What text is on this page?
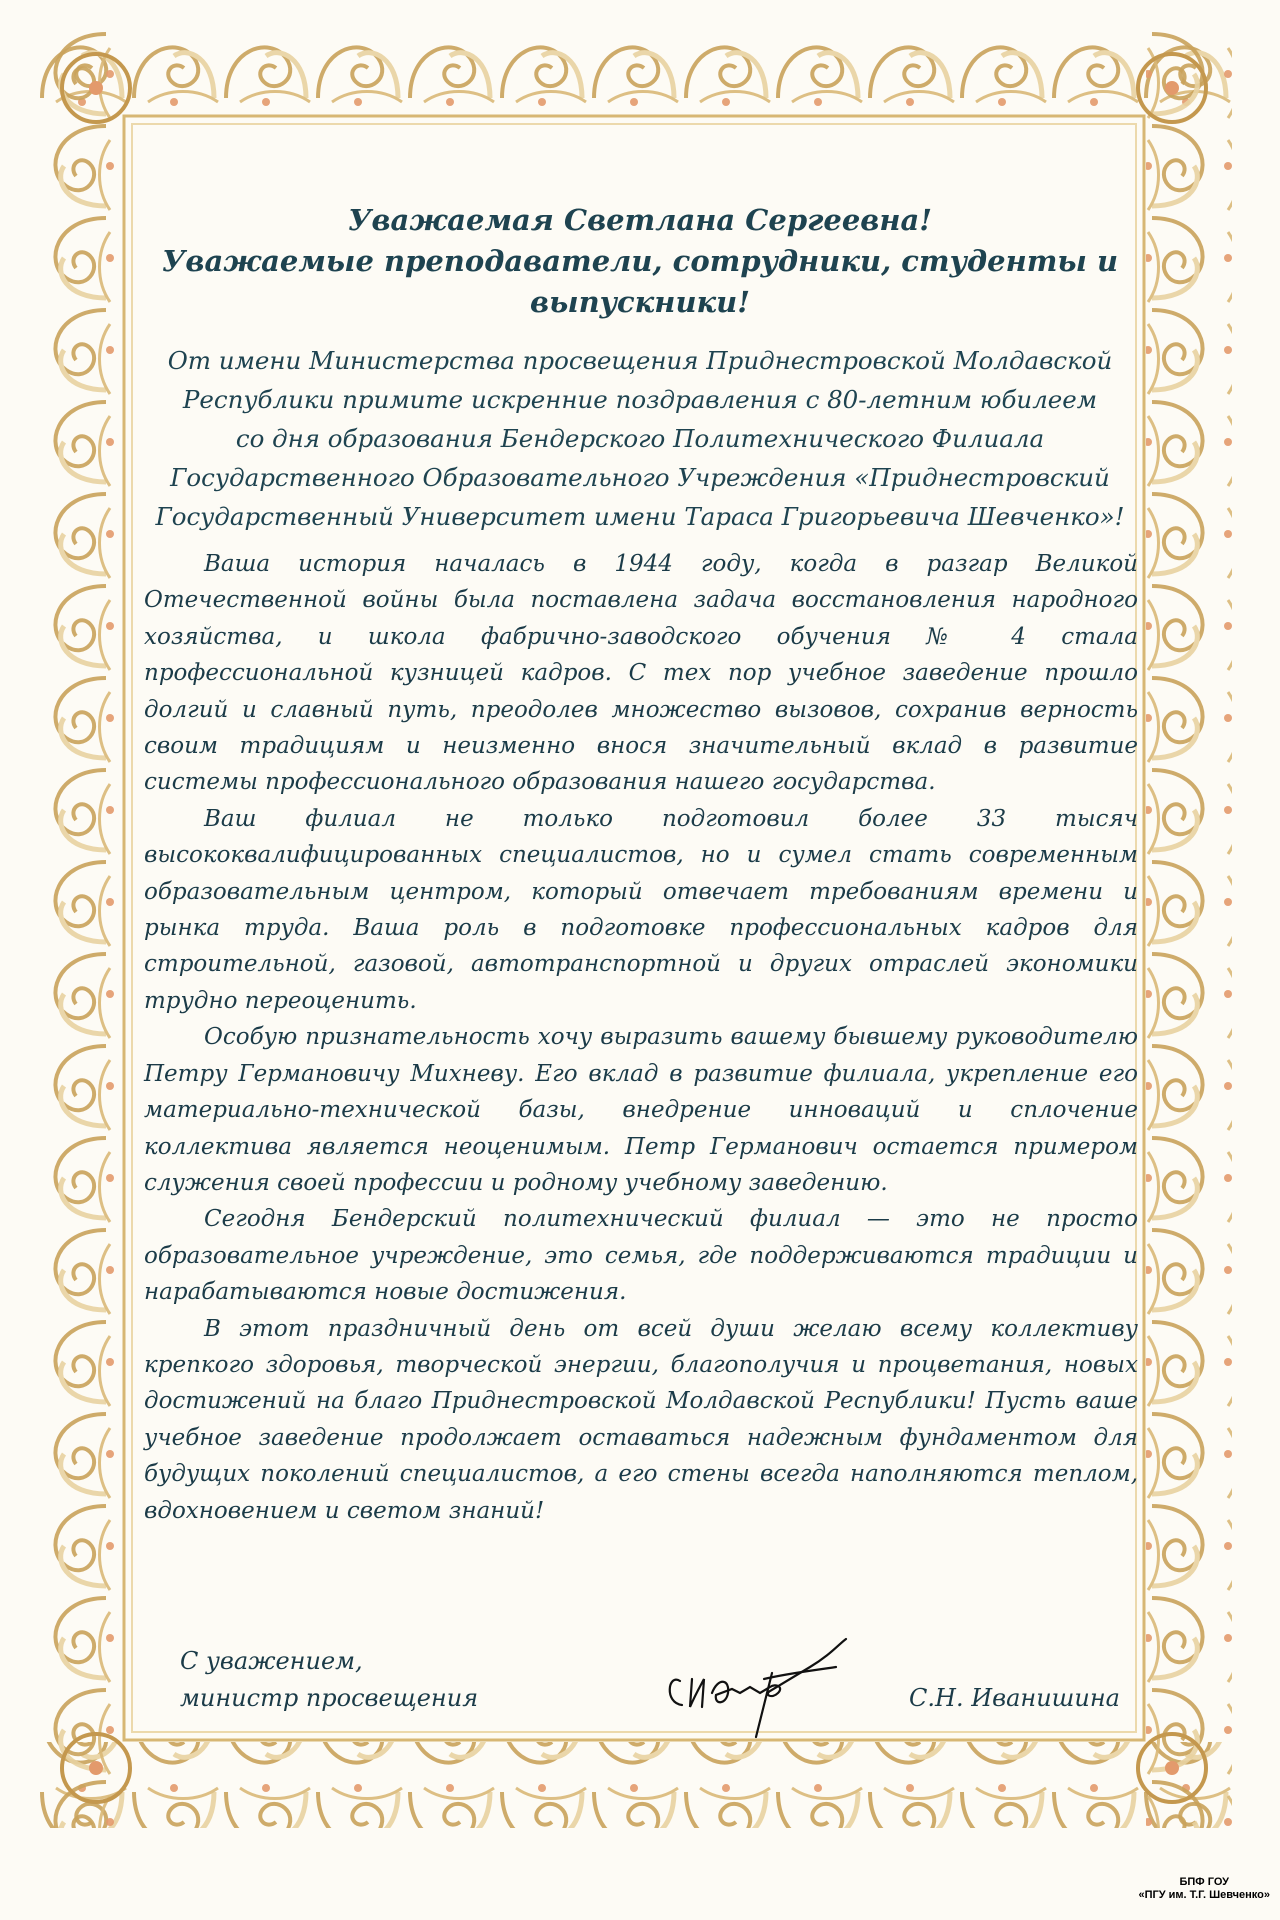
Уважаемая Светлана Сергеевна!
Уважаемые преподаватели, сотрудники, студенты и
выпускники!
От имени Министерства просвещения Приднестровской Молдавской
Республики примите искренние поздравления с 80-летним юбилеем
со дня образования Бендерского Политехнического Филиала
Государственного Образовательного Учреждения «Приднестровский
Государственный Университет имени Тараса Григорьевича Шевченко»!

Ваша история началась в 1944 году, когда в разгар Великой Отечественной войны была поставлена задача восстановления народного хозяйства, и школа фабрично-заводского обучения № 4 стала профессиональной кузницей кадров. С тех пор учебное заведение прошло долгий и славный путь, преодолев множество вызовов, сохранив верность своим традициям и неизменно внося значительный вклад в развитие системы профессионального образования нашего государства.

Ваш филиал не только подготовил более 33 тысяч высококвалифицированных специалистов, но и сумел стать современным образовательным центром, который отвечает требованиям времени и рынка труда. Ваша роль в подготовке профессиональных кадров для строительной, газовой, автотранспортной и других отраслей экономики трудно переоценить.

Особую признательность хочу выразить вашему бывшему руководителю Петру Германовичу Михневу. Его вклад в развитие филиала, укрепление его материально-технической базы, внедрение инноваций и сплочение коллектива является неоценимым. Петр Германович остается примером служения своей профессии и родному учебному заведению.

Сегодня Бендерский политехнический филиал — это не просто образовательное учреждение, это семья, где поддерживаются традиции и нарабатываются новые достижения.

В этот праздничный день от всей души желаю всему коллективу крепкого здоровья, творческой энергии, благополучия и процветания, новых достижений на благо Приднестровской Молдавской Республики! Пусть ваше учебное заведение продолжает оставаться надежным фундаментом для будущих поколений специалистов, а его стены всегда наполняются теплом, вдохновением и светом знаний!

С уважением,
министр просвещения	С.Н. Иванишина
БПФ ГОУ
«ПГУ им. Т.Г. Шевченко»
